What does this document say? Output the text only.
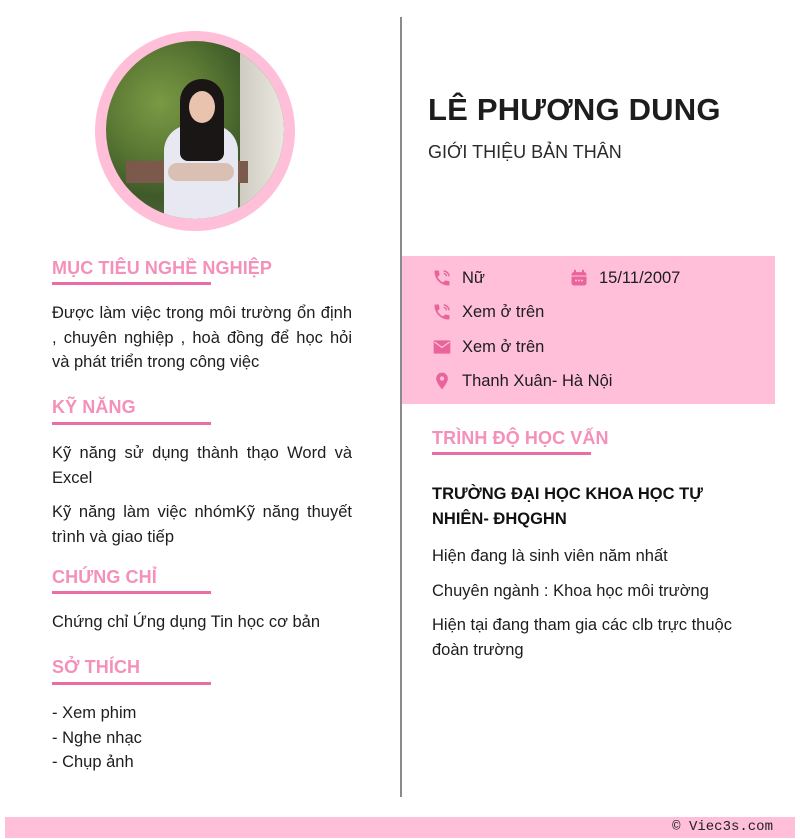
MỤC TIÊU NGHỀ NGHIỆP
Được làm việc trong môi trường ổn định , chuyên nghiệp , hoà đồng để học hỏi và phát triển trong công việc
KỸ NĂNG
Kỹ năng sử dụng thành thạo Word và Excel
Kỹ năng làm việc nhómKỹ năng thuyết trình và giao tiếp
CHỨNG CHỈ
Chứng chỉ Ứng dụng Tin học cơ bản
SỞ THÍCH
- Xem phim
- Nghe nhạc
- Chụp ảnh
LÊ PHƯƠNG DUNG
GIỚI THIỆU BẢN THÂN
Nữ	15/11/2007
Xem ở trên
Xem ở trên
Thanh Xuân- Hà Nội
TRÌNH ĐỘ HỌC VẤN
TRƯỜNG ĐẠI HỌC KHOA HỌC TỰ NHIÊN- ĐHQGHN
Hiện đang là sinh viên năm nhất
Chuyên ngành : Khoa học môi trường
Hiện tại đang tham gia các clb trực thuộc đoàn trường
© Viec3s.com
